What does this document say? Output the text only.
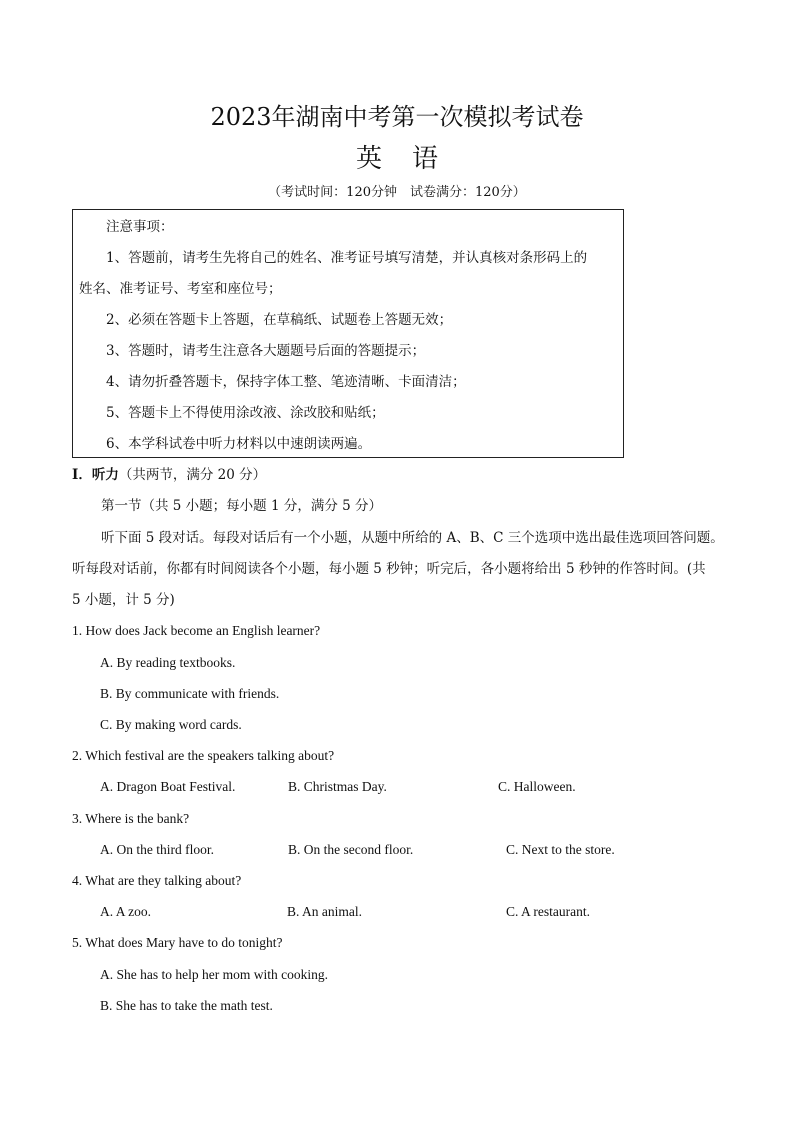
2023年湖南中考第一次模拟考试卷
英语
（考试时间：120分钟　试卷满分：120分）
注意事项：
1、答题前，请考生先将自己的姓名、准考证号填写清楚，并认真核对条形码上的
姓名、准考证号、考室和座位号；
2、必须在答题卡上答题，在草稿纸、试题卷上答题无效；
3、答题时，请考生注意各大题题号后面的答题提示；
4、请勿折叠答题卡，保持字体工整、笔迹清晰、卡面清洁；
5、答题卡上不得使用涂改液、涂改胶和贴纸；
6、本学科试卷中听力材料以中速朗读两遍。
I．听力（共两节，满分 20 分）
第一节（共 5 小题；每小题 1 分，满分 5 分）
听下面 5 段对话。每段对话后有一个小题，从题中所给的 A、B、C 三个选项中选出最佳选项回答问题。
听每段对话前，你都有时间阅读各个小题，每小题 5 秒钟；听完后，各小题将给出 5 秒钟的作答时间。(共
5 小题，计 5 分)
1. How does Jack become an English learner?
A. By reading textbooks.
B. By communicate with friends.
C. By making word cards.
2. Which festival are the speakers talking about?
A. Dragon Boat Festival.	B. Christmas Day.	C. Halloween.
3. Where is the bank?
A. On the third floor.	B. On the second floor.	C. Next to the store.
4. What are they talking about?
A. A zoo.	B. An animal.	C. A restaurant.
5. What does Mary have to do tonight?
A. She has to help her mom with cooking.
B. She has to take the math test.
